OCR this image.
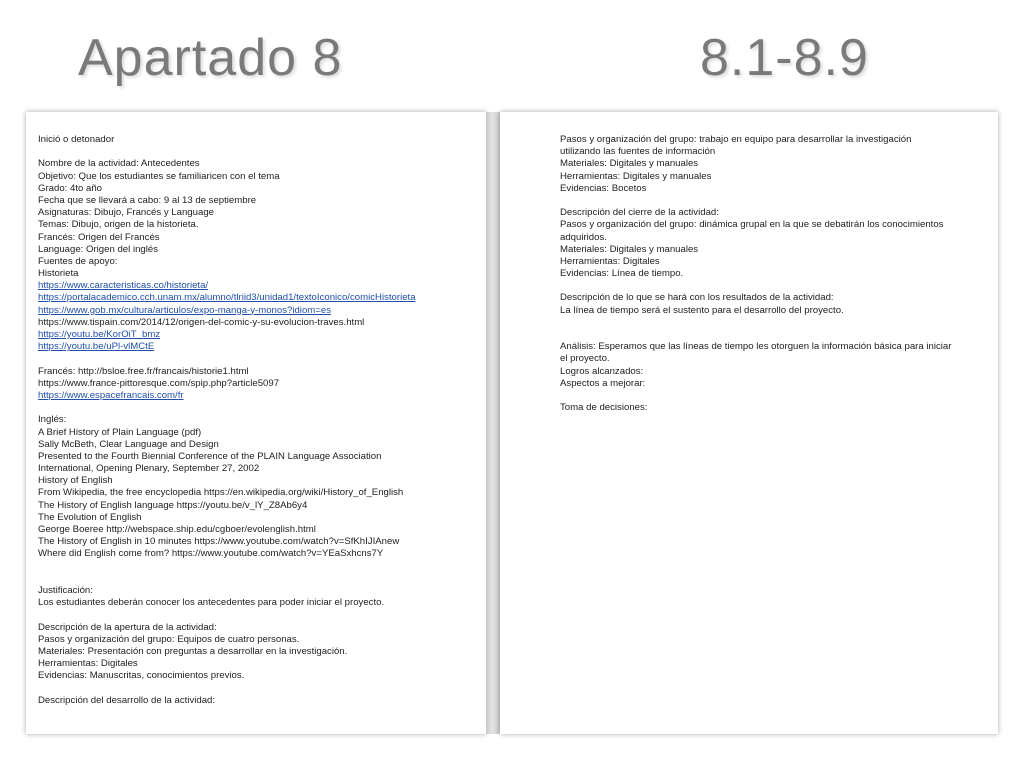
Apartado 8	8.1-8.9
Inició o detonador
Nombre de la actividad: Antecedentes
Objetivo: Que los estudiantes se familiaricen con el tema
Grado: 4to año
Fecha que se llevará a cabo: 9 al 13 de septiembre
Asignaturas: Dibujo, Francés y Language
Temas: Dibujo, origen de la historieta.
Francés: Origen del Francés
Language: Origen del inglés
Fuentes de apoyo:
Historieta
https://www.caracteristicas.co/historieta/
https://portalacademico.cch.unam.mx/alumno/tlriid3/unidad1/textoIconico/comicHistorieta
https://www.gob.mx/cultura/articulos/expo-manga-y-monos?idiom=es
https://www.tispain.com/2014/12/origen-del-comic-y-su-evolucion-traves.html
https://youtu.be/KorOiT_bmz
https://youtu.be/uPl-vlMCtE
Francés: http://bsloe.free.fr/francais/historie1.html
https://www.france-pittoresque.com/spip.php?article5097
https://www.espacefrancais.com/fr
Inglés:
A Brief History of Plain Language (pdf)
Sally McBeth, Clear Language and Design
Presented to the Fourth Biennial Conference of the PLAIN Language Association
International, Opening Plenary, September 27, 2002
History of English
From Wikipedia, the free encyclopedia https://en.wikipedia.org/wiki/History_of_English
The History of English language https://youtu.be/v_lY_Z8Ab6y4
The Evolution of English
George Boeree http://webspace.ship.edu/cgboer/evolenglish.html
The History of English in 10 minutes https://www.youtube.com/watch?v=SfKhIJIAnew
Where did English come from? https://www.youtube.com/watch?v=YEaSxhcns7Y
Justificación:
Los estudiantes deberán conocer los antecedentes para poder iniciar el proyecto.
Descripción de la apertura de la actividad:
Pasos y organización del grupo: Equipos de cuatro personas.
Materiales: Presentación con preguntas a desarrollar en la investigación.
Herramientas: Digitales
Evidencias: Manuscritas, conocimientos previos.
Descripción del desarrollo de la actividad:
Pasos y organización del grupo: trabajo en equipo para desarrollar la investigación
utilizando las fuentes de información
Materiales: Digitales y manuales
Herramientas: Digitales y manuales
Evidencias: Bocetos
Descripción del cierre de la actividad:
Pasos y organización del grupo: dinámica grupal en la que se debatirán los conocimientos
adquiridos.
Materiales: Digitales y manuales
Herramientas: Digitales
Evidencias: Línea de tiempo.
Descripción de lo que se hará con los resultados de la actividad:
La línea de tiempo será el sustento para el desarrollo del proyecto.
Análisis: Esperamos que las líneas de tiempo les otorguen la información básica para iniciar
el proyecto.
Logros alcanzados:
Aspectos a mejorar:
Toma de decisiones:
